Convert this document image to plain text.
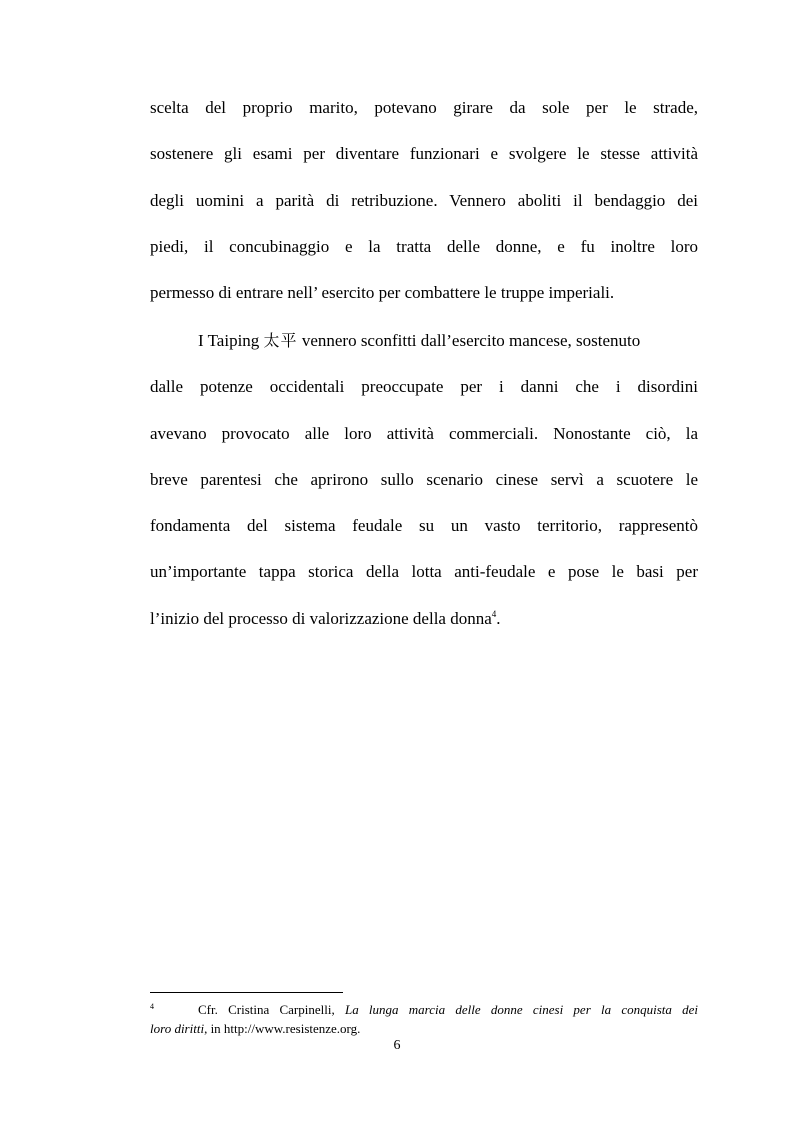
scelta del proprio marito, potevano girare da sole per le strade,
sostenere gli esami per diventare funzionari e svolgere le stesse attività
degli uomini a parità di retribuzione. Vennero aboliti il bendaggio dei
piedi, il concubinaggio e la tratta delle donne, e fu inoltre loro
permesso di entrare nell’ esercito per combattere le truppe imperiali.

I Taiping 太平 vennero sconfitti dall’esercito mancese, sostenuto
dalle potenze occidentali preoccupate per i danni che i disordini
avevano provocato alle loro attività commerciali. Nonostante ciò, la
breve parentesi che aprirono sullo scenario cinese servì a scuotere le
fondamenta del sistema feudale su un vasto territorio, rappresentò
un’importante tappa storica della lotta anti-feudale e pose le basi per
l’inizio del processo di valorizzazione della donna$^4$.

$^4$	Cfr. Cristina Carpinelli, La lunga marcia delle donne cinesi per la conquista dei
loro diritti, in http://www.resistenze.org.

6
